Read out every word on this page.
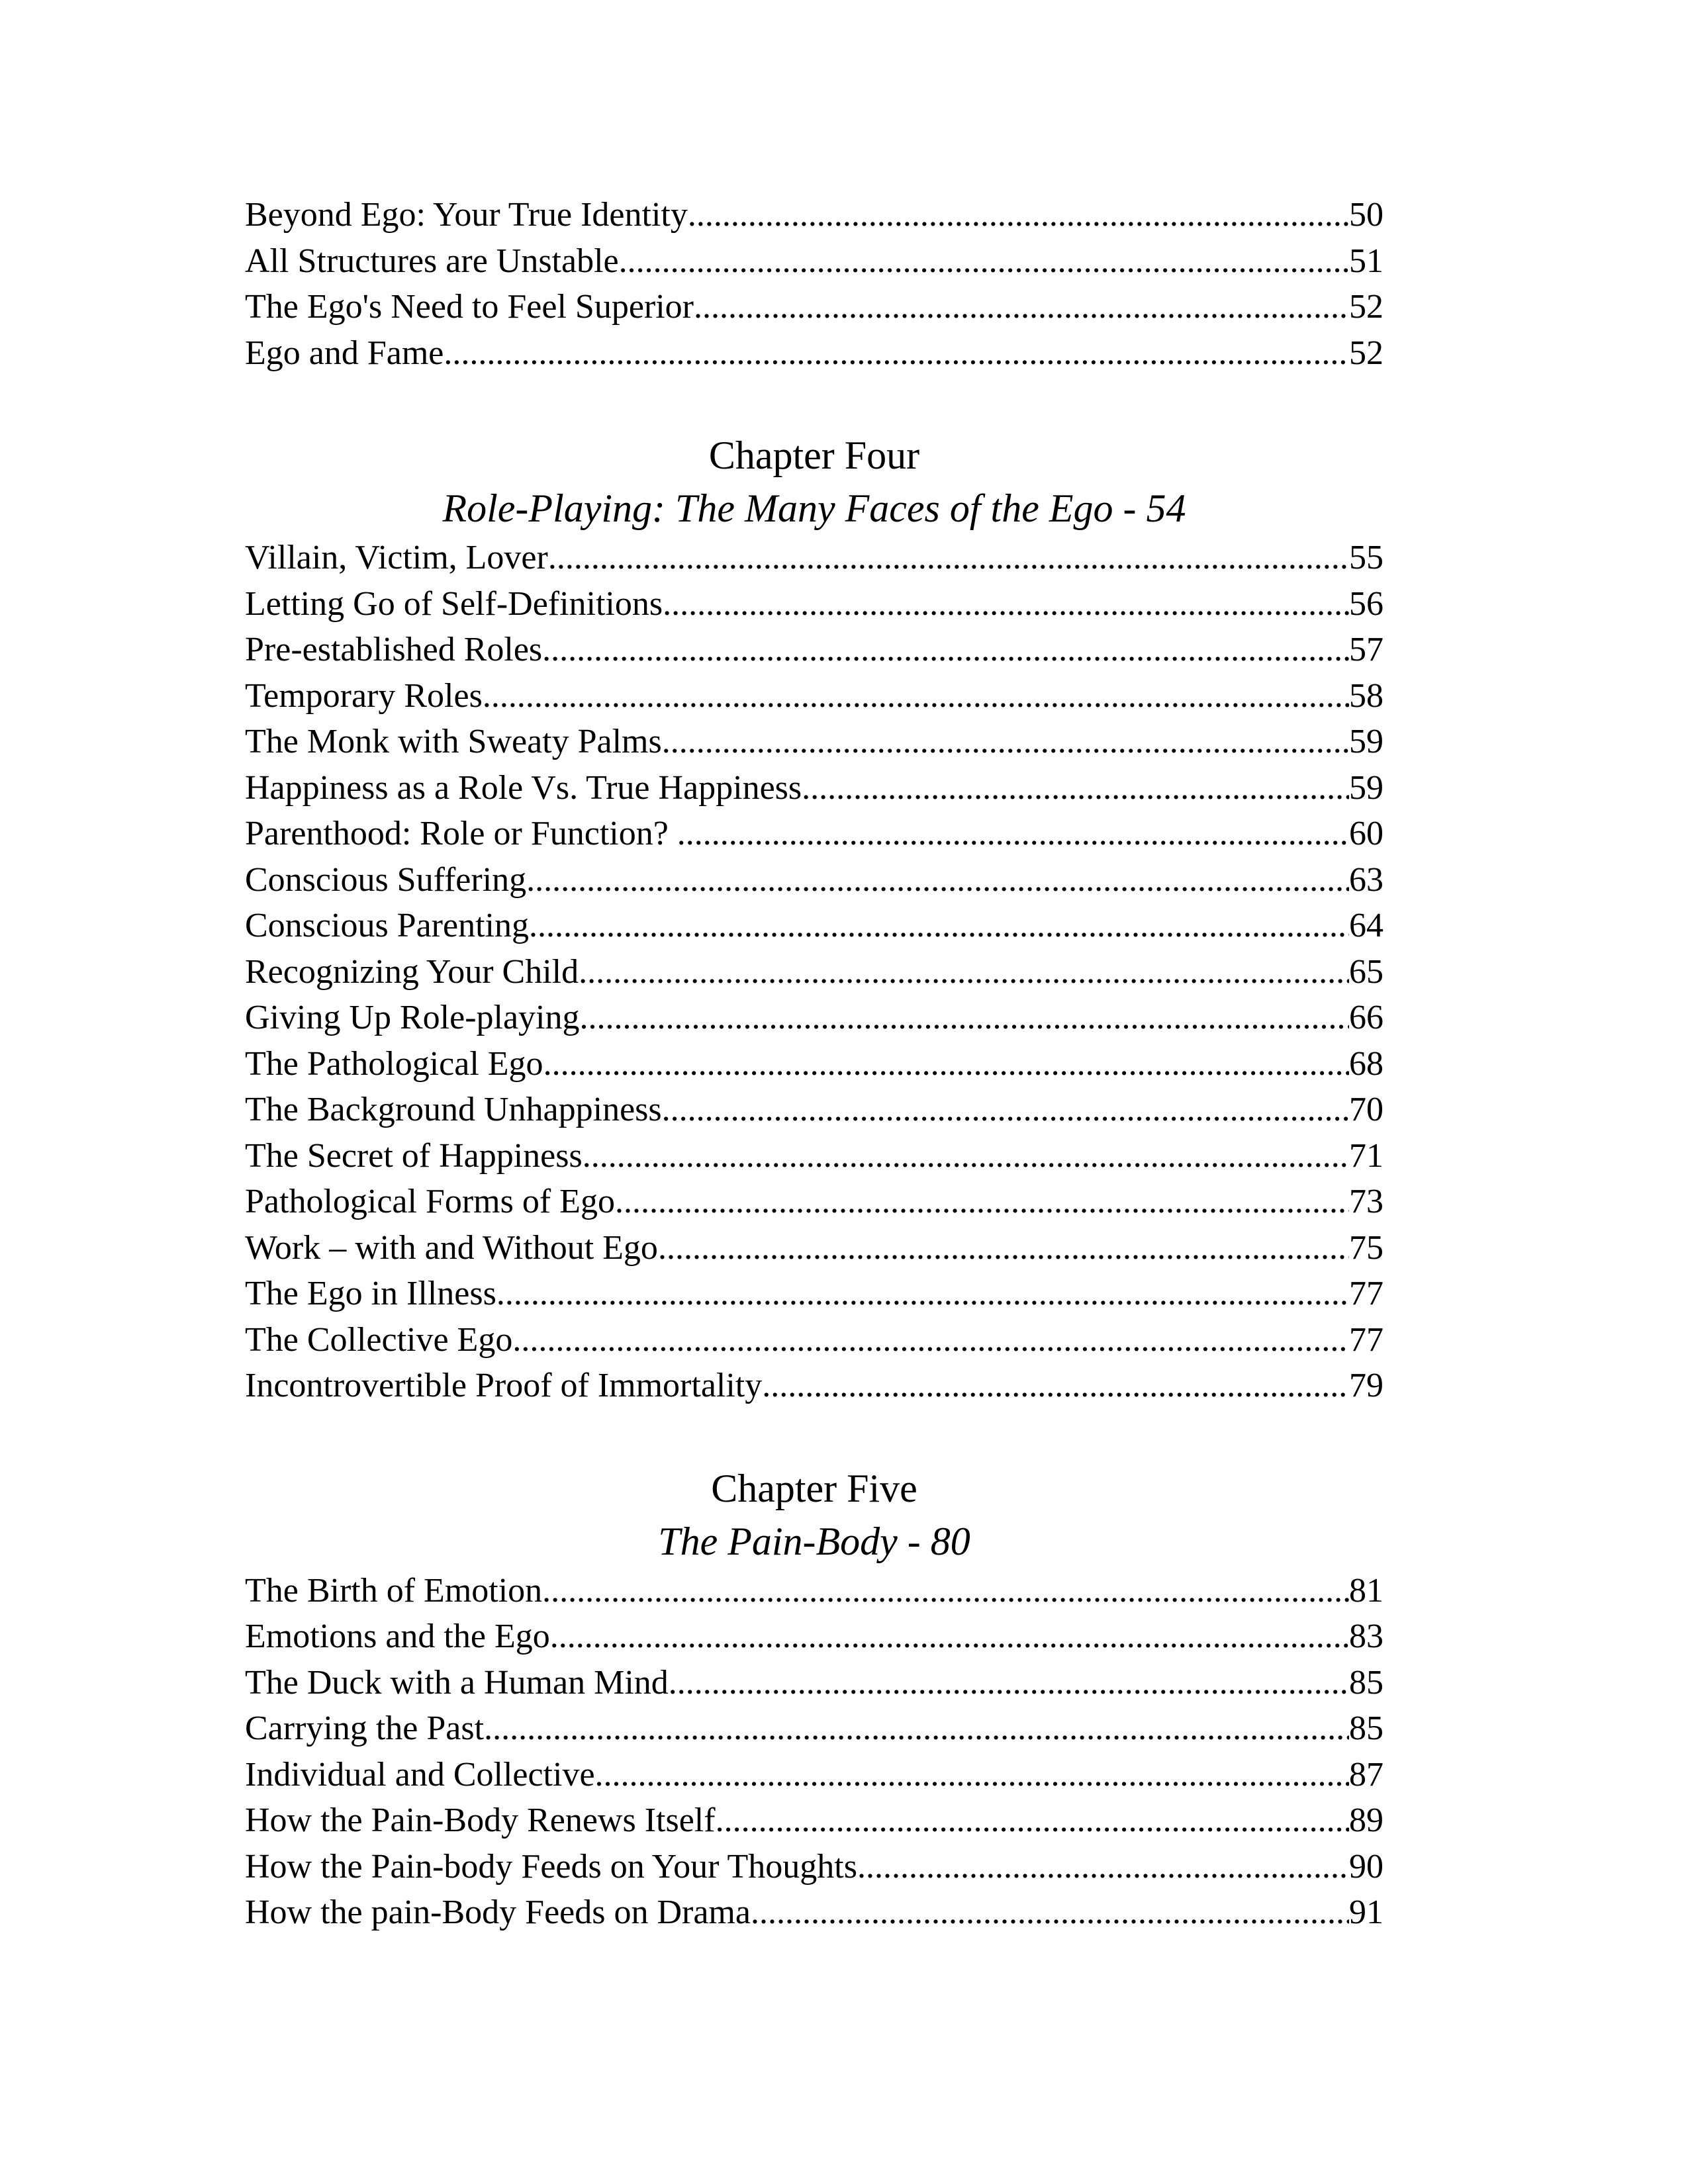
Beyond Ego: Your True Identity .....	50
All Structures are Unstable .....	51
The Ego's Need to Feel Superior .....	52
Ego and Fame .....	52
Chapter Four
Role-Playing: The Many Faces of the Ego - 54
Villain, Victim, Lover .....	55
Letting Go of Self-Definitions .....	56
Pre-established Roles .....	57
Temporary Roles .....	58
The Monk with Sweaty Palms .....	59
Happiness as a Role Vs. True Happiness .....	59
Parenthood: Role or Function? .....	60
Conscious Suffering .....	63
Conscious Parenting .....	64
Recognizing Your Child .....	65
Giving Up Role-playing .....	66
The Pathological Ego .....	68
The Background Unhappiness .....	70
The Secret of Happiness .....	71
Pathological Forms of Ego .....	73
Work – with and Without Ego .....	75
The Ego in Illness .....	77
The Collective Ego .....	77
Incontrovertible Proof of Immortality .....	79
Chapter Five
The Pain-Body - 80
The Birth of Emotion .....	81
Emotions and the Ego .....	83
The Duck with a Human Mind .....	85
Carrying the Past .....	85
Individual and Collective .....	87
How the Pain-Body Renews Itself .....	89
How the Pain-body Feeds on Your Thoughts .....	90
How the pain-Body Feeds on Drama .....	91
